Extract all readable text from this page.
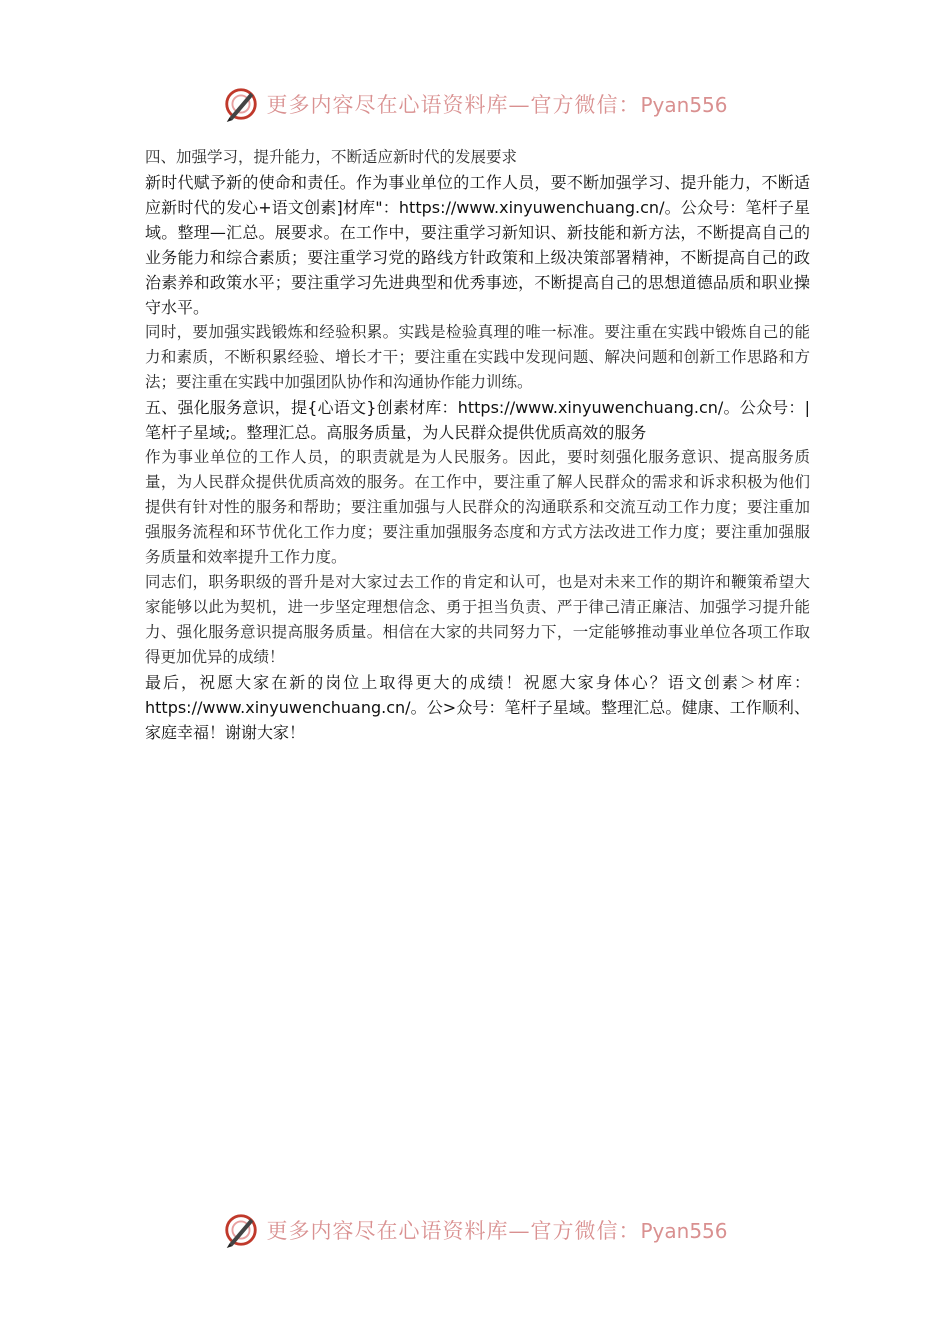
更多内容尽在心语资料库—官方微信：Pyan556

四、加强学习，提升能力，不断适应新时代的发展要求

新时代赋予新的使命和责任。作为事业单位的工作人员，要不断加强学习、提升能力，不断适应新时代的发心+语文创素]材库"：https://www.xinyuwenchuang.cn/。公众号：笔杆子星域。整理—汇总。展要求。在工作中，要注重学习新知识、新技能和新方法，不断提高自己的业务能力和综合素质；要注重学习党的路线方针政策和上级决策部署精神，不断提高自己的政治素养和政策水平；要注重学习先进典型和优秀事迹，不断提高自己的思想道德品质和职业操守水平。

同时，要加强实践锻炼和经验积累。实践是检验真理的唯一标准。要注重在实践中锻炼自己的能力和素质，不断积累经验、增长才干；要注重在实践中发现问题、解决问题和创新工作思路和方法；要注重在实践中加强团队协作和沟通协作能力训练。

五、强化服务意识，提{心语文}创素材库：https://www.xinyuwenchuang.cn/。公众号：|笔杆子星域;。整理汇总。高服务质量，为人民群众提供优质高效的服务

作为事业单位的工作人员，的职责就是为人民服务。因此，要时刻强化服务意识、提高服务质量，为人民群众提供优质高效的服务。在工作中，要注重了解人民群众的需求和诉求积极为他们提供有针对性的服务和帮助；要注重加强与人民群众的沟通联系和交流互动工作力度；要注重加强服务流程和环节优化工作力度；要注重加强服务态度和方式方法改进工作力度；要注重加强服务质量和效率提升工作力度。

同志们，职务职级的晋升是对大家过去工作的肯定和认可，也是对未来工作的期许和鞭策希望大家能够以此为契机，进一步坚定理想信念、勇于担当负责、严于律己清正廉洁、加强学习提升能力、强化服务意识提高服务质量。相信在大家的共同努力下，一定能够推动事业单位各项工作取得更加优异的成绩！

最后，祝愿大家在新的岗位上取得更大的成绩！祝愿大家身体心？语文创素＞材库：https://www.xinyuwenchuang.cn/。公>众号：笔杆子星域。整理汇总。健康、工作顺利、家庭幸福！谢谢大家！

更多内容尽在心语资料库—官方微信：Pyan556
